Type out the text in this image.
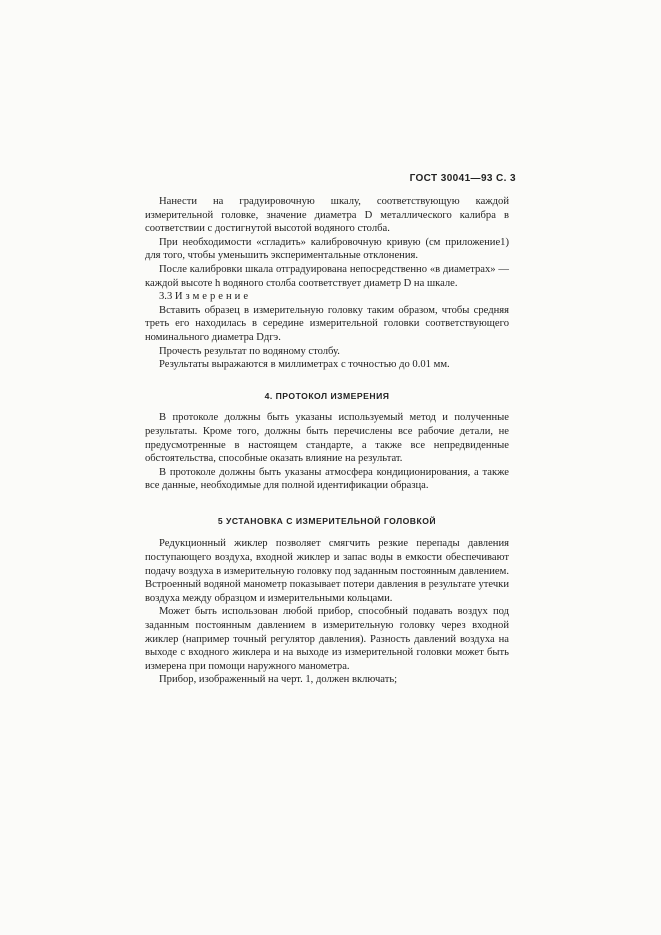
ГОСТ 30041—93 С. 3

Нанести на градуировочную шкалу, соответствующую каждой измерительной головке, значение диаметра D металлического калибра в соответствии с достигнутой высотой водяного столба.

При необходимости «сгладить» калибровочную кривую (см приложение1) для того, чтобы уменьшить экспериментальные отклонения.

После калибровки шкала отградуирована непосредственно «в диаметрах» — каждой высоте h водяного столба соответствует диаметр D на шкале.

3.3 Измерение

Вставить образец в измерительную головку таким образом, чтобы средняя треть его находилась в середине измерительной головки соответствующего номинального диаметра Dдгэ.

Прочесть результат по водяному столбу.

Результаты выражаются в миллиметрах с точностью до 0.01 мм.

4. ПРОТОКОЛ ИЗМЕРЕНИЯ

В протоколе должны быть указаны используемый метод и полученные результаты. Кроме того, должны быть перечислены все рабочие детали, не предусмотренные в настоящем стандарте, а также все непредвиденные обстоятельства, способные оказать влияние на результат.

В протоколе должны быть указаны атмосфера кондиционирования, а также все данные, необходимые для полной идентификации образца.

5 УСТАНОВКА С ИЗМЕРИТЕЛЬНОЙ ГОЛОВКОЙ

Редукционный жиклер позволяет смягчить резкие перепады давления поступающего воздуха, входной жиклер и запас воды в емкости обеспечивают подачу воздуха в измерительную головку под заданным постоянным давлением. Встроенный водяной манометр показывает потери давления в результате утечки воздуха между образцом и измерительными кольцами.

Может быть использован любой прибор, способный подавать воздух под заданным постоянным давлением в измерительную головку через входной жиклер (например точный регулятор давления). Разность давлений воздуха на выходе с входного жиклера и на выходе из измерительной головки может быть измерена при помощи наружного манометра.

Прибор, изображенный на черт. 1, должен включать;
